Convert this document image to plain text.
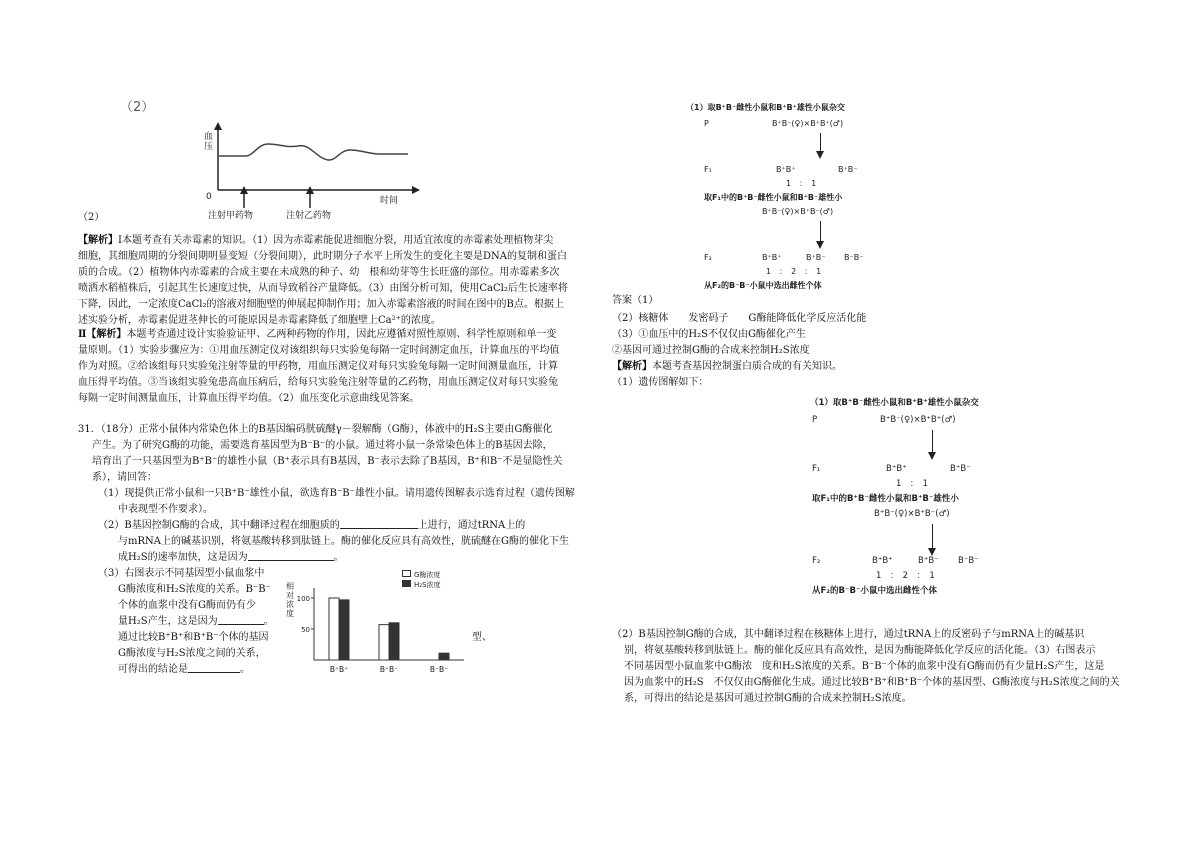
（2）
血压
0	时间
注射甲药物	注射乙药物
（2）
【解析】Ⅰ本题考查有关赤霉素的知识。（1）因为赤霉素能促进细胞分裂，用适宜浓度的赤霉素处理植物芽尖
细胞，其细胞周期的分裂间期明显变短（分裂间期），此时期分子水平上所发生的变化主要是DNA的复制和蛋白
质的合成。（2）植物体内赤霉素的合成主要在未成熟的种子、幼　根和幼芽等生长旺盛的部位。用赤霉素多次
喷洒水稻植株后，引起其生长速度过快，从而导致稻谷产量降低。（3）由图分析可知，使用CaCl₂后生长速率将
下降，因此，一定浓度CaCl₂的溶液对细胞壁的伸展起抑制作用；加入赤霉素溶液的时间在图中的B点。根据上
述实验分析，赤霉素促进茎伸长的可能原因是赤霉素降低了细胞壁上Ca²⁺的浓度。
Ⅱ【解析】本题考查通过设计实验验证甲、乙两种药物的作用，因此应遵循对照性原则、科学性原则和单一变
量原则。（1）实验步骤应为：①用血压测定仪对该组织每只实验兔每隔一定时间测定血压，计算血压的平均值
作为对照。②给该组每只实验兔注射等量的甲药物，用血压测定仪对每只实验兔每隔一定时间测量血压，计算
血压得平均值。③当该组实验兔患高血压病后，给每只实验兔注射等量的乙药物，用血压测定仪对每只实验兔
每隔一定时间测量血压，计算血压得平均值。（2）血压变化示意曲线见答案。
31．（18分）正常小鼠体内常染色体上的B基因编码胱硫醚γ－裂解酶（G酶），体液中的H₂S主要由G酶催化
产生。为了研究G酶的功能，需要选育基因型为B⁻B⁻的小鼠。通过将小鼠一条常染色体上的B基因去除，
培育出了一只基因型为B⁺B⁻的雄性小鼠（B⁺表示具有B基因，B⁻表示去除了B基因，B⁺和B⁻不是显隐性关
系），请回答：
（1）现提供正常小鼠和一只B⁺B⁻雄性小鼠，欲选育B⁻B⁻雄性小鼠。请用遗传图解表示选育过程（遗传图解
中表现型不作要求）。
（2）B基因控制G酶的合成，其中翻译过程在细胞质的	上进行，通过tRNA上的
与mRNA上的碱基识别，将氨基酸转移到肽链上。酶的催化反应具有高效性，胱硫醚在G酶的催化下生
成H₂S的速率加快，这是因为	。
（3）右图表示不同基因型小鼠血浆中
G酶浓度和H₂S浓度的关系。B⁻B⁻
个体的血浆中没有G酶而仍有少
量H₂S产生，这是因为	。
通过比较B⁺B⁺和B⁺B⁻个体的基因	型、
G酶浓度与H₂S浓度之间的关系，
可得出的结论是	。
100
50
B⁺B⁺	B⁺B⁻	B⁻B⁻
相对浓度
G酶浓度
H₂S浓度
（1）取B⁺B⁻雌性小鼠和B⁺B⁺雄性小鼠杂交
P	B⁺B⁻(♀)×B⁺B⁺(♂)
F₁	B⁺B⁺	B⁺B⁻
1　：　1
取F₁中的B⁺B⁻雌性小鼠和B⁺B⁻雄性小
B⁺B⁻(♀)×B⁺B⁻(♂)
F₂	B⁺B⁺	B⁺B⁻ B⁻B⁻
1　：　2　：　1
从F₂的B⁻B⁻小鼠中选出雌性个体
答案（1）
（2）核糖体　　发密码子　　G酶能降低化学反应活化能
（3）①血压中的H₂S不仅仅由G酶催化产生
②基因可通过控制G酶的合成来控制H₂S浓度
【解析】本题考查基因控制蛋白质合成的有关知识。
（1）遗传图解如下：
（1）取B⁺B⁻雌性小鼠和B⁺B⁺雄性小鼠杂交
P	B⁺B⁻(♀)×B⁺B⁺(♂)
F₁	B⁺B⁺	B⁺B⁻
1　：　1
取F₁中的B⁺B⁻雌性小鼠和B⁺B⁻雄性小
B⁺B⁻(♀)×B⁺B⁻(♂)
F₂	B⁺B⁺	B⁺B⁻ B⁻B⁻
1　：　2　：　1
从F₂的B⁻B⁻小鼠中选出雌性个体
（2）B基因控制G酶的合成，其中翻译过程在核糖体上进行，通过tRNA上的反密码子与mRNA上的碱基识
别，将氨基酸转移到肽链上。酶的催化反应具有高效性，是因为酶能降低化学反应的活化能。（3）右图表示
不同基因型小鼠血浆中G酶浓　度和H₂S浓度的关系。B⁻B⁻个体的血浆中没有G酶而仍有少量H₂S产生，这是
因为血浆中的H₂S　不仅仅由G酶催化生成。通过比较B⁺B⁺和B⁺B⁻个体的基因型、G酶浓度与H₂S浓度之间的关
系，可得出的结论是基因可通过控制G酶的合成来控制H₂S浓度。
